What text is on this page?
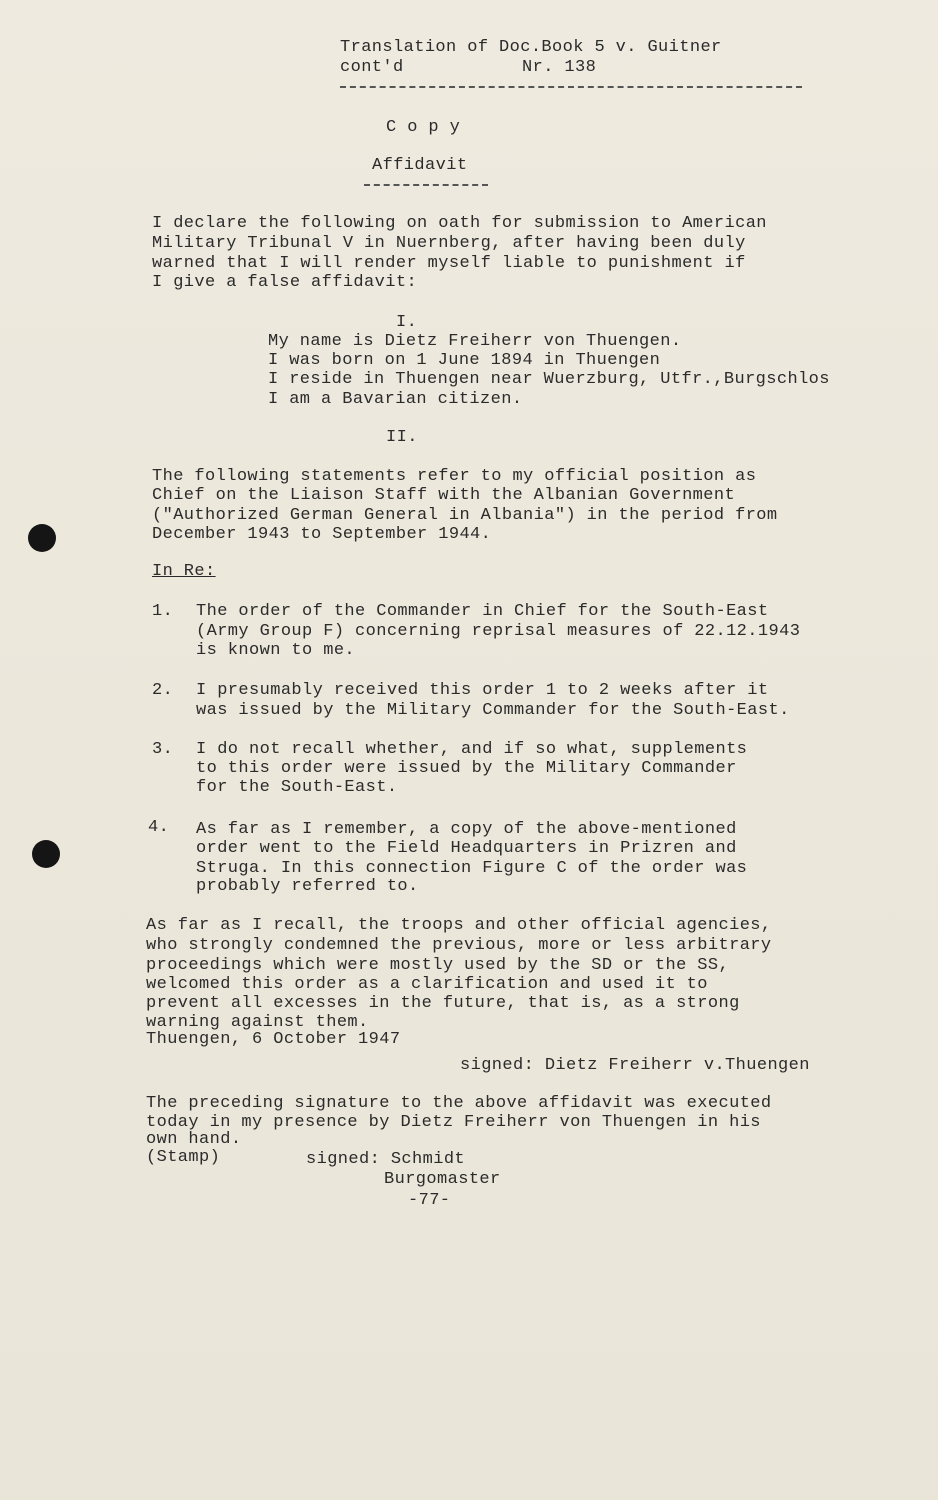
Translation of Doc.Book 5 v. Guitner

cont'd	Nr. 138

C o p y

Affidavit

I declare the following on oath for submission to American

Military Tribunal V in Nuernberg, after having been duly

warned that I will render myself liable to punishment if

I give a false affidavit:

I.

My name is Dietz Freiherr von Thuengen.

I was born on 1 June 1894 in Thuengen

I reside in Thuengen near Wuerzburg, Utfr.,Burgschlos

I am a Bavarian citizen.

II.

The following statements refer to my official position as

Chief on the Liaison Staff with the Albanian Government

("Authorized German General in Albania") in the period from

December 1943 to September 1944.

In Re:

1. The order of the Commander in Chief for the South-East

(Army Group F) concerning reprisal measures of 22.12.1943

is known to me.

2. I presumably received this order 1 to 2 weeks after it

was issued by the Military Commander for the South-East.

3. I do not recall whether, and if so what, supplements

to this order were issued by the Military Commander

for the South-East.

4. As far as I remember, a copy of the above-mentioned

order went to the Field Headquarters in Prizren and

Struga. In this connection Figure C of the order was

probably referred to.

As far as I recall, the troops and other official agencies,

who strongly condemned the previous, more or less arbitrary

proceedings which were mostly used by the SD or the SS,

welcomed this order as a clarification and used it to

prevent all excesses in the future, that is, as a strong

warning against them.

Thuengen, 6 October 1947

signed: Dietz Freiherr v.Thuengen

The preceding signature to the above affidavit was executed

today in my presence by Dietz Freiherr von Thuengen in his

own hand.

(Stamp)	signed: Schmidt

Burgomaster

-77-
